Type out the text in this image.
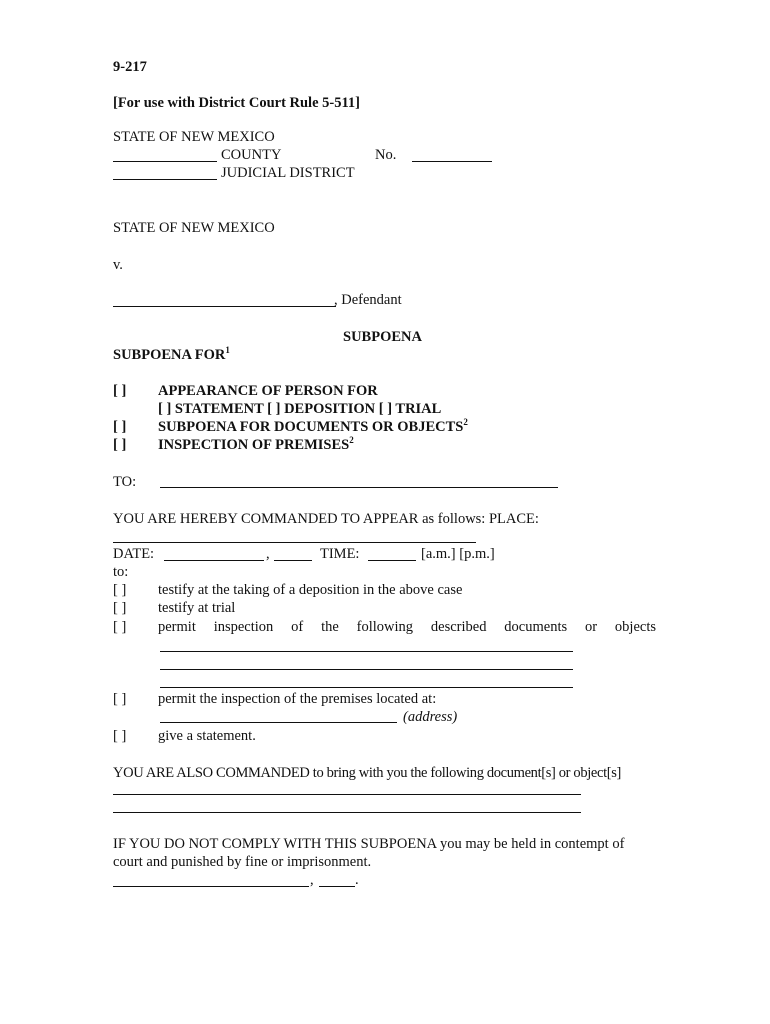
9-217
[For use with District Court Rule 5-511]
STATE OF NEW MEXICO
COUNTY	No.
JUDICIAL DISTRICT
STATE OF NEW MEXICO
v.
, Defendant
SUBPOENA
SUBPOENA FOR$^1$
[ ] APPEARANCE OF PERSON FOR
[ ] STATEMENT [ ] DEPOSITION [ ] TRIAL
[ ] SUBPOENA FOR DOCUMENTS OR OBJECTS$^2$
[ ] INSPECTION OF PREMISES$^2$
TO:
YOU ARE HEREBY COMMANDED TO APPEAR as follows: PLACE:
DATE:	,	TIME:	[a.m.] [p.m.]
to:
[ ] testify at the taking of a deposition in the above case
[ ] testify at trial
[ ] permit inspection of the following described documents or objects
[ ] permit the inspection of the premises located at:
(address)
[ ] give a statement.
YOU ARE ALSO COMMANDED to bring with you the following document[s] or object[s]
IF YOU DO NOT COMPLY WITH THIS SUBPOENA you may be held in contempt of
court and punished by fine or imprisonment.
,	.
